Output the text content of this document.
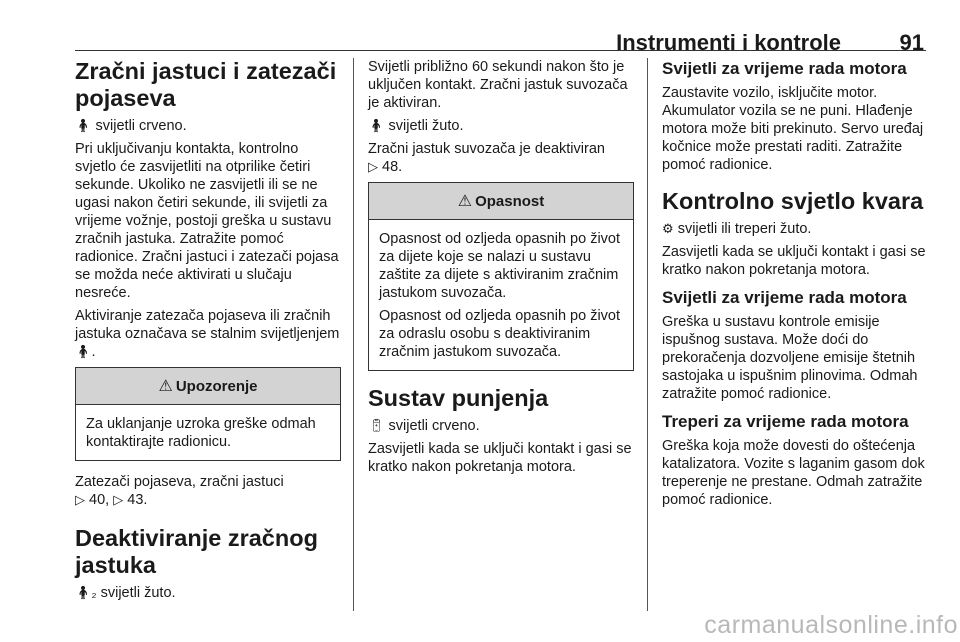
Instrumenti i kontrole	91
Zračni jastuci i zatezači pojaseva

🧍︎ svijetli crveno.

Pri uključivanju kontakta, kontrolno svjetlo će zasvijetliti na otprilike četiri sekunde. Ukoliko ne zasvijetli ili se ne ugasi nakon četiri sekunde, ili svijetli za vrijeme vožnje, postoji greška u sustavu zračnih jastuka. Zatražite pomoć radionice. Zračni jastuci i zatezači pojasa se možda neće aktivirati u slučaju nesreće.

Aktiviranje zatezača pojaseva ili zračnih jastuka označava se stalnim svijetljenjem 🧍︎.

⚠ Upozorenje

Za uklanjanje uzroka greške odmah kontaktirajte radionicu.

Zatezači pojaseva, zračni jastuci
▷ 40, ▷ 43.

Deaktiviranje zračnog jastuka

🧍︎₂ svijetli žuto.

Svijetli približno 60 sekundi nakon što je uključen kontakt. Zračni jastuk suvozača je aktiviran.

🧍︎ svijetli žuto.

Zračni jastuk suvozača je deaktiviran
▷ 48.

⚠ Opasnost

Opasnost od ozljeda opasnih po život za dijete koje se nalazi u sustavu zaštite za dijete s aktiviranim zračnim jastukom suvozača.

Opasnost od ozljeda opasnih po život za odraslu osobu s deaktiviranim zračnim jastukom suvozača.

Sustav punjenja

🔋︎ svijetli crveno.

Zasvijetli kada se uključi kontakt i gasi se kratko nakon pokretanja motora.

Svijetli za vrijeme rada motora

Zaustavite vozilo, isključite motor. Akumulator vozila se ne puni. Hlađenje motora može biti prekinuto. Servo uređaj kočnice može prestati raditi. Zatražite pomoć radionice.

Kontrolno svjetlo kvara

⚙︎ svijetli ili treperi žuto.

Zasvijetli kada se uključi kontakt i gasi se kratko nakon pokretanja motora.

Svijetli za vrijeme rada motora

Greška u sustavu kontrole emisije ispušnog sustava. Može doći do prekoračenja dozvoljene emisije štetnih sastojaka u ispušnim plinovima. Odmah zatražite pomoć radionice.

Treperi za vrijeme rada motora

Greška koja može dovesti do oštećenja katalizatora. Vozite s laganim gasom dok treperenje ne prestane. Odmah zatražite pomoć radionice.

carmanualsonline.info
